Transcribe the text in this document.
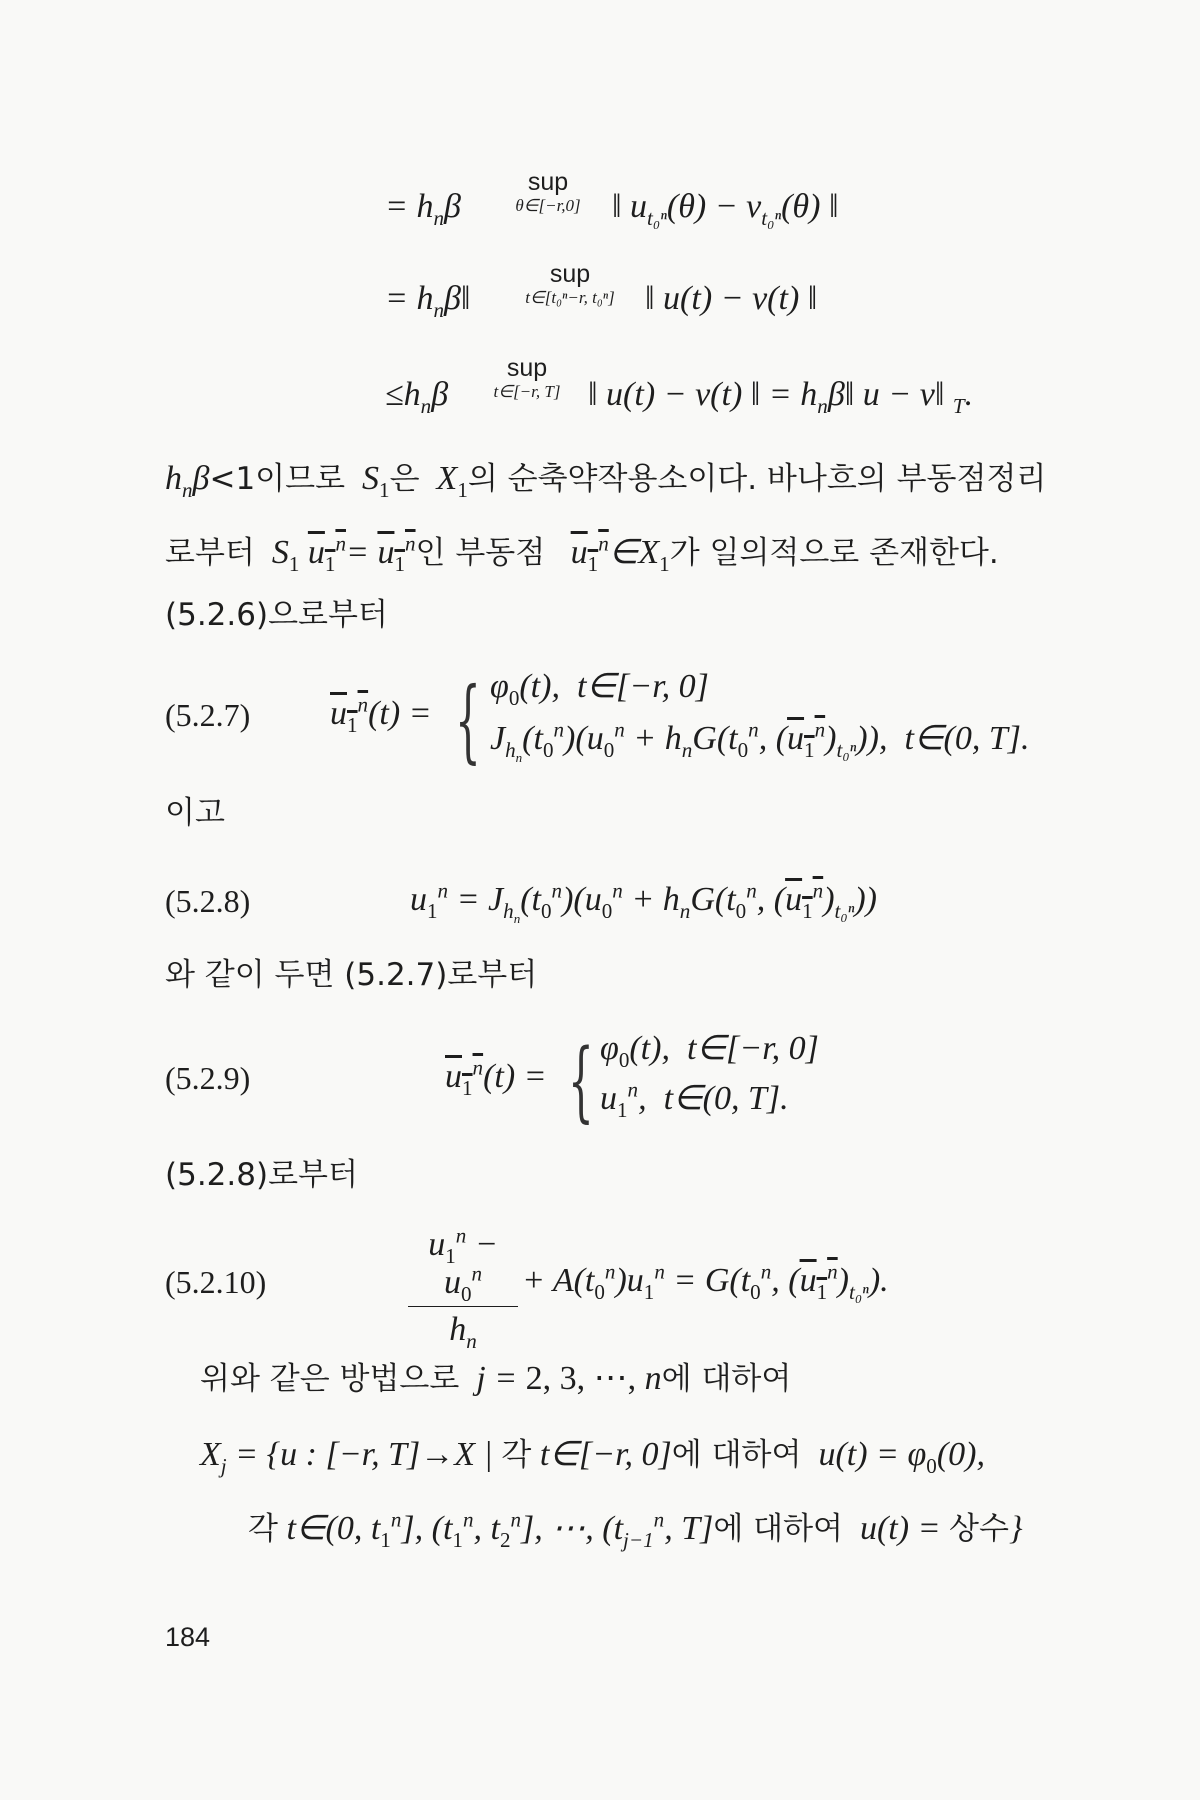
= $h_n\beta$
sup
θ∈[−r,0] ‖ $u_{t_0^n}(\theta) - v_{t_0^n}(\theta)$ ‖
= $h_n\beta‖$
sup
t∈[t₀ⁿ−r, t₀ⁿ] ‖ u(t) − v(t) ‖
$\le h_n\beta$
sup
t∈[−r, T] ‖ u(t) − v(t) ‖ = $h_n\beta‖$ u − v‖ $_T$.
$h_n\beta<1$이므로  $S_1$은  $X_1$의 순축약작용소이다. 바나흐의 부동점정리
로부터  $S_1$ $u_1^n= u_1^n$인 부동점 $u_1^n\in X_1$가 일의적으로 존재한다.
(5.2.6)으로부터
(5.2.7) $u_1^n(t)$ = { $\varphi_0(t)$,  t∈[−r, 0]
$J_{h_n}(t_0^n)(u_0^n + h_nG(t_0^n$, $(u_1^n)_{t_0^n}$)),  t∈(0, T].
이고
(5.2.8)	$u_1^n = J_{h_n}(t_0^n)(u_0^n + h_nG(t_0^n$, $(u_1^n)_{t_0^n}$))
와 같이 두면 (5.2.7)로부터
(5.2.9)	$u_1^n(t)$ = { $\varphi_0(t)$,  t∈[−r, 0]
$u_1^n$,  t∈(0, T].
(5.2.8)로부터
(5.2.10)
$u_1^n - u_0^n$
$h_n$
+ $A(t_0^n)u_1^n = G(t_0^n$, $(u_1^n)_{t_0^n}$).
위와 같은 방법으로  j = 2, 3, ⋯, n에 대하여
$X_j = \{u$ : [−r, T]→X | 각 t∈[−r, 0]에 대하여  $u(t) = \varphi_0(0)$,
각 t∈(0, $t_1^n$], ($t_1^n$, $t_2^n$], ⋯, ($t_{j-1}^n$, T]에 대하여  u(t) = 상수}
184
